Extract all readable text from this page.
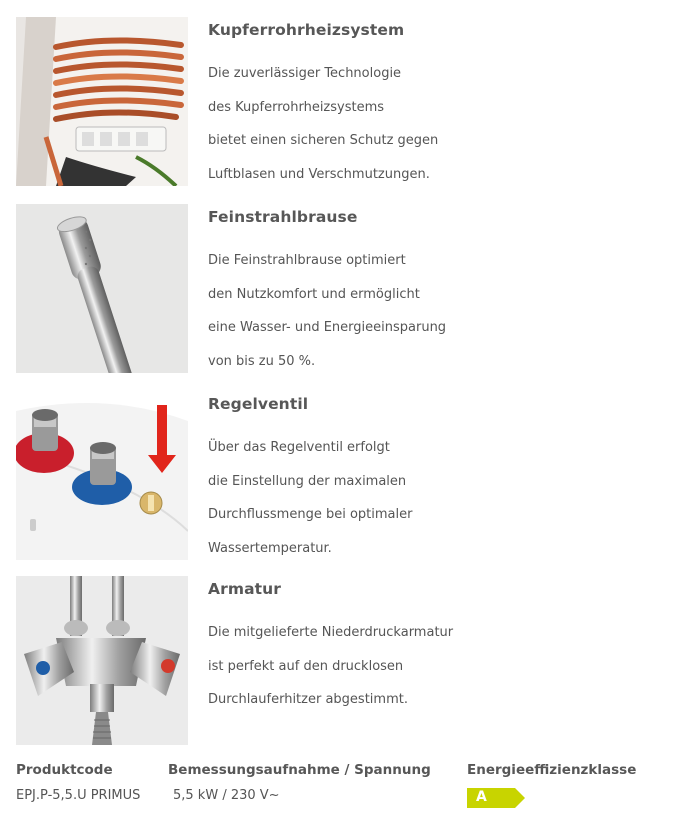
Kupferrohrheizsystem

Die zuverlässiger Technologie

des Kupferrohrheizsystems

bietet einen sicheren Schutz gegen

Luftblasen und Verschmutzungen.

Feinstrahlbrause

Die Feinstrahlbrause optimiert

den Nutzkomfort und ermöglicht

eine Wasser- und Energieeinsparung

von bis zu 50 %.

Regelventil

Über das Regelventil erfolgt

die Einstellung der maximalen

Durchflussmenge bei optimaler

Wassertemperatur.

Armatur

Die mitgelieferte Niederdruckarmatur

ist perfekt auf den drucklosen

Durchlauferhitzer abgestimmt.

Produktcode
EPJ.P-5,5.U PRIMUS
Bemessungsaufnahme / Spannung
5,5 kW / 230 V~
Energieeffizienzklasse
A
